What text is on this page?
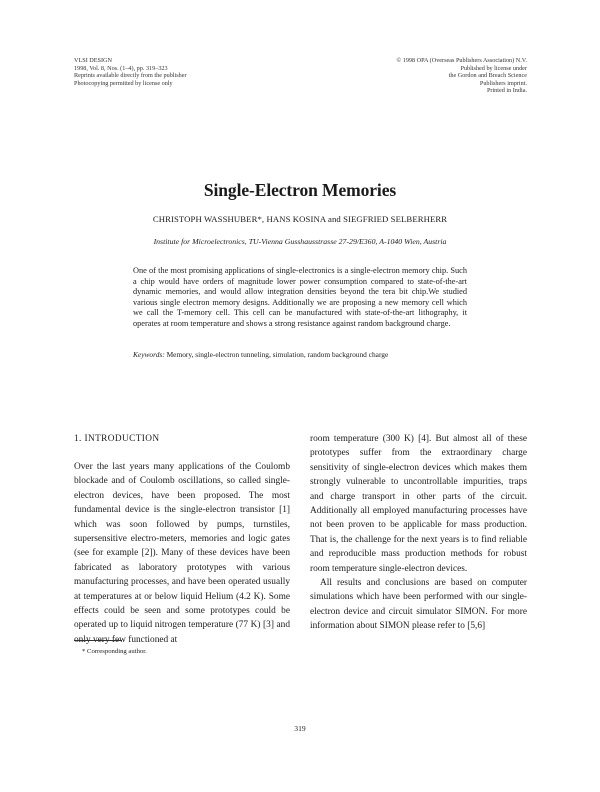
VLSI DESIGN
1998, Vol. 8, Nos. (1–4), pp. 319–323
Reprints available directly from the publisher
Photocopying permitted by license only
© 1998 OPA (Overseas Publishers Association) N.V.
Published by license under
the Gordon and Breach Science
Publishers imprint.
Printed in India.
Single-Electron Memories
CHRISTOPH WASSHUBER*, HANS KOSINA and SIEGFRIED SELBERHERR
Institute for Microelectronics, TU-Vienna Gusshausstrasse 27-29/E360, A-1040 Wien, Austria

One of the most promising applications of single-electronics is a single-electron memory chip. Such a chip would have orders of magnitude lower power consumption compared to state-of-the-art dynamic memories, and would allow integration densities beyond the tera bit chip.We studied various single electron memory designs. Additionally we are proposing a new memory cell which we call the T-memory cell. This cell can be manufactured with state-of-the-art lithography, it operates at room temperature and shows a strong resistance against random background charge.

Keywords: Memory, single-electron tunneling, simulation, random background charge

1. INTRODUCTION

Over the last years many applications of the Coulomb blockade and of Coulomb oscillations, so called single-electron devices, have been proposed. The most fundamental device is the single-electron transistor [1] which was soon followed by pumps, turnstiles, supersensitive electro-meters, memories and logic gates (see for example [2]). Many of these devices have been fabricated as laboratory prototypes with various manufacturing processes, and have been operated usually at temperatures at or below liquid Helium (4.2 K). Some effects could be seen and some prototypes could be operated up to liquid nitrogen temperature (77 K) [3] and only very few functioned at

room temperature (300 K) [4]. But almost all of these prototypes suffer from the extraordinary charge sensitivity of single-electron devices which makes them strongly vulnerable to uncontrollable impurities, traps and charge transport in other parts of the circuit. Additionally all employed manufacturing processes have not been proven to be applicable for mass production. That is, the challenge for the next years is to find reliable and reproducible mass production methods for robust room temperature single-electron devices.

All results and conclusions are based on computer simulations which have been performed with our single-electron device and circuit simulator SIMON. For more information about SIMON please refer to [5,6]

* Corresponding author.
319
